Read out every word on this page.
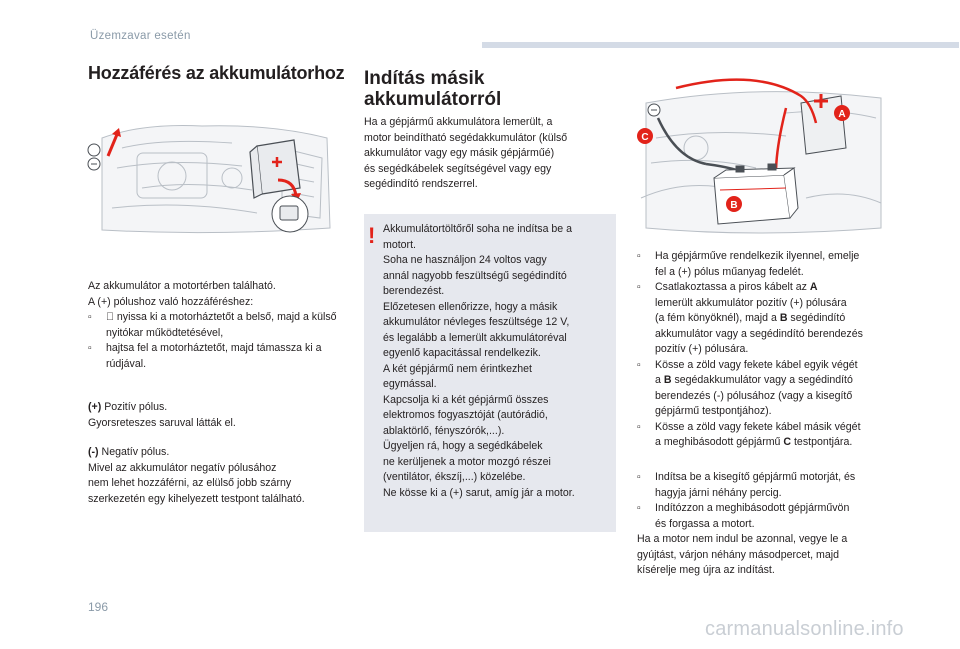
Üzemzavar esetén
Hozzáférés az akkumulátorhoz
Az akkumulátor a motortérben található.
A (+) pólushoz való hozzáféréshez:

▫ nyissa ki a motorháztetőt a belső, majd a külső nyitókar működtetésével,
▫ hajtsa fel a motorháztetőt, majd támassza ki a rúdjával.
(+) Pozitív pólus.
Gyorsreteszes saruval látták el.
(-) Negatív pólus.
Mivel az akkumulátor negatív pólusához
nem lehet hozzáférni, az elülső jobb szárny
szerkezetén egy kihelyezett testpont található.
Indítás másik
akkumulátorról
Ha a gépjármű akkumulátora lemerült, a
motor beindítható segédakkumulátor (külső
akkumulátor vagy egy másik gépjárműé)
és segédkábelek segítségével vagy egy
segédindító rendszerrel.
! Akkumulátortöltőről soha ne indítsa be a
motort.
Soha ne használjon 24 voltos vagy
annál nagyobb feszültségű segédindító
berendezést.
Előzetesen ellenőrizze, hogy a másik
akkumulátor névleges feszültsége 12 V,
és legalább a lemerült akkumulátoréval
egyenlő kapacitással rendelkezik.
A két gépjármű nem érintkezhet
egymással.
Kapcsolja ki a két gépjármű összes
elektromos fogyasztóját (autórádió,
ablaktörlő, fényszórók,...).
Ügyeljen rá, hogy a segédkábelek
ne kerüljenek a motor mozgó részei
(ventilátor, ékszíj,...) közelébe.
Ne kösse ki a (+) sarut, amíg jár a motor.
A
B
C
▫ Ha gépjárműve rendelkezik ilyennel, emelje
fel a (+) pólus műanyag fedelét.
▫ Csatlakoztassa a piros kábelt az A
lemerült akkumulátor pozitív (+) pólusára
(a fém könyöknél), majd a B segédindító
akkumulátor vagy a segédindító berendezés
pozitív (+) pólusára.
▫ Kösse a zöld vagy fekete kábel egyik végét
a B segédakkumulátor vagy a segédindító
berendezés (-) pólusához (vagy a kisegítő
gépjármű testpontjához).
▫ Kösse a zöld vagy fekete kábel másik végét
a meghibásodott gépjármű C testpontjára.
▫ Indítsa be a kisegítő gépjármű motorját, és
hagyja járni néhány percig.
▫ Indítózzon a meghibásodott gépjárművön
és forgassa a motort.
Ha a motor nem indul be azonnal, vegye le a
gyújtást, várjon néhány másodpercet, majd
kísérelje meg újra az indítást.
196
carmanualsonline.info
